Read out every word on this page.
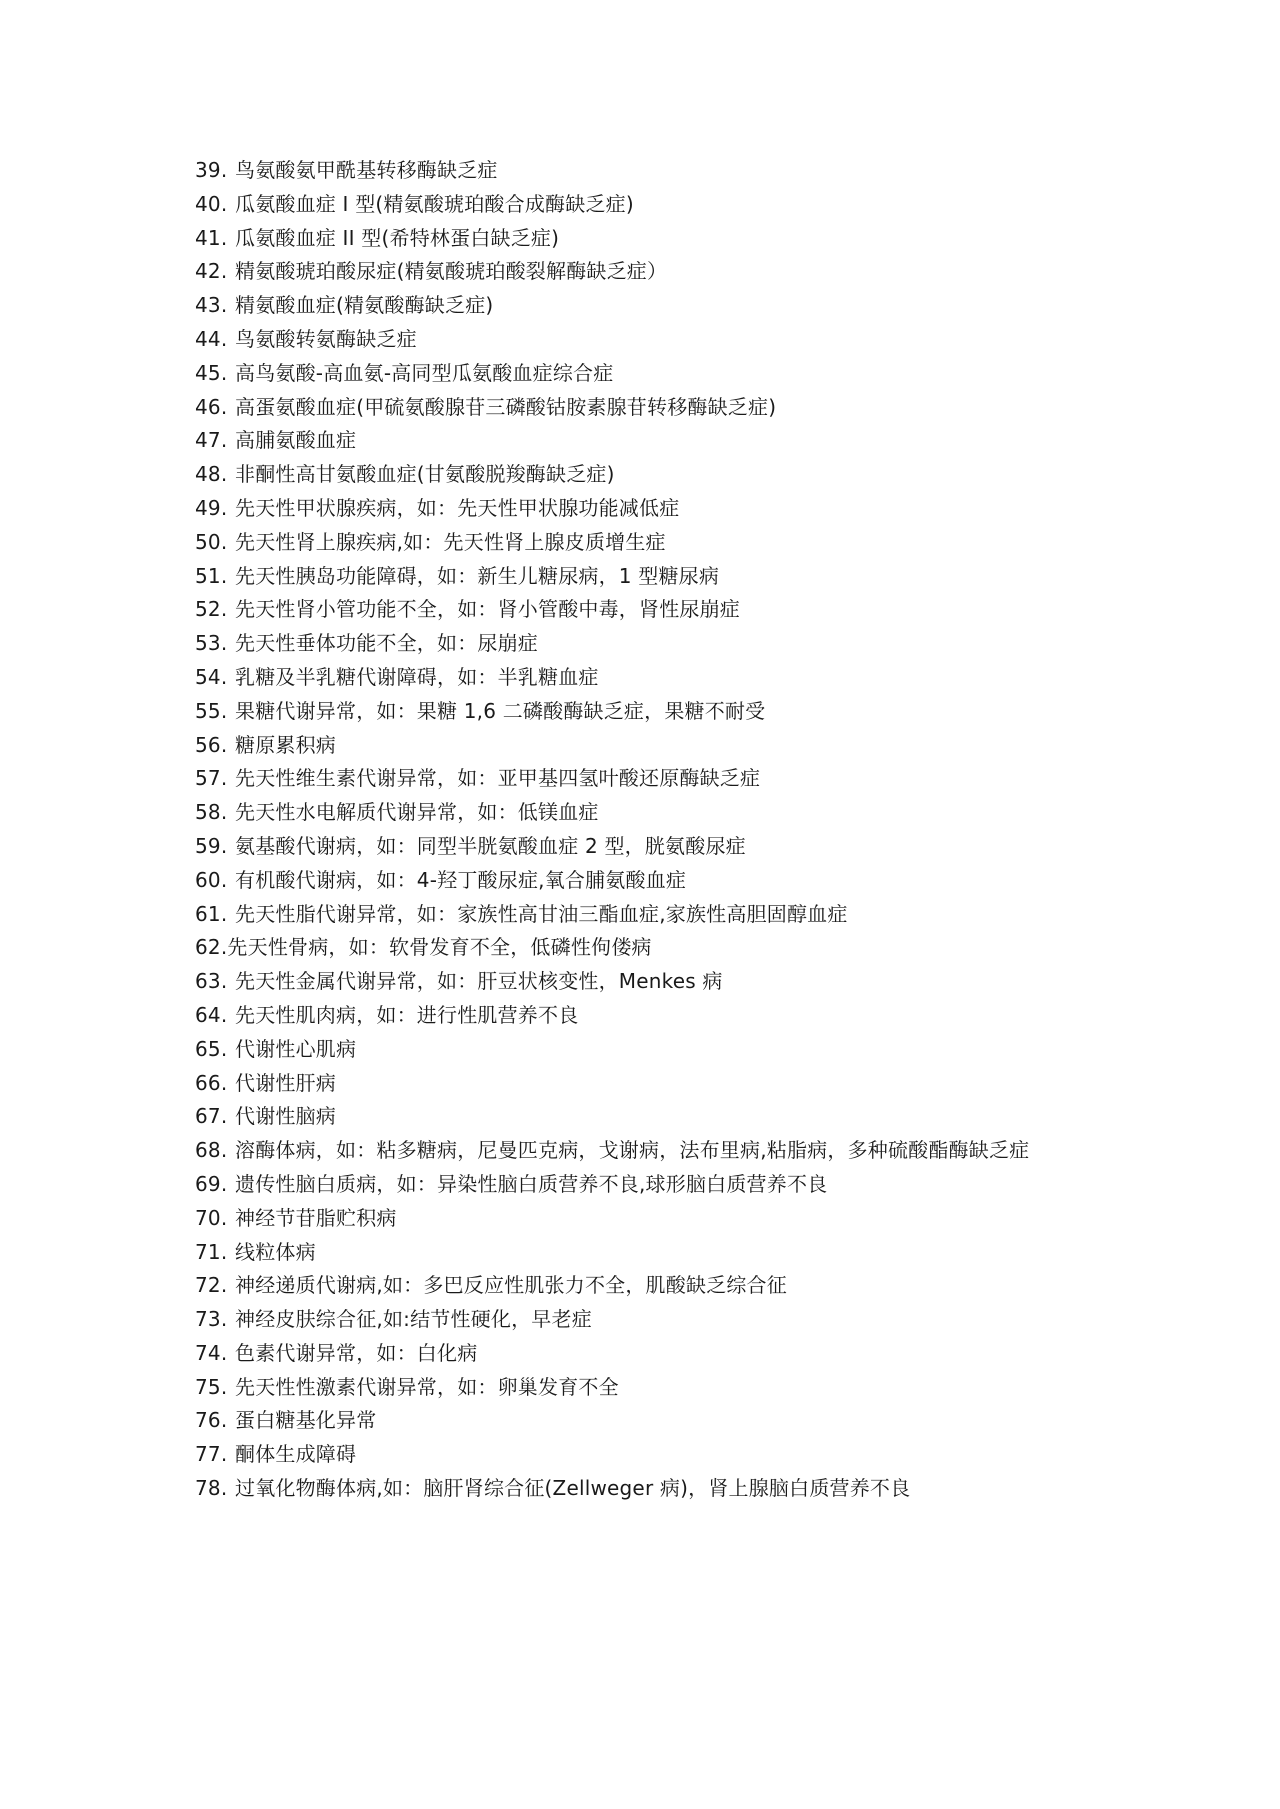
39. 鸟氨酸氨甲酰基转移酶缺乏症
40. 瓜氨酸血症 I 型(精氨酸琥珀酸合成酶缺乏症)
41. 瓜氨酸血症 II 型(希特林蛋白缺乏症)
42. 精氨酸琥珀酸尿症(精氨酸琥珀酸裂解酶缺乏症）
43. 精氨酸血症(精氨酸酶缺乏症)
44. 鸟氨酸转氨酶缺乏症
45. 高鸟氨酸-高血氨-高同型瓜氨酸血症综合症
46. 高蛋氨酸血症(甲硫氨酸腺苷三磷酸钴胺素腺苷转移酶缺乏症)
47. 高脯氨酸血症
48. 非酮性高甘氨酸血症(甘氨酸脱羧酶缺乏症)
49. 先天性甲状腺疾病，如：先天性甲状腺功能减低症
50. 先天性肾上腺疾病,如：先天性肾上腺皮质增生症
51. 先天性胰岛功能障碍，如：新生儿糖尿病，1 型糖尿病
52. 先天性肾小管功能不全，如：肾小管酸中毒，肾性尿崩症
53. 先天性垂体功能不全，如：尿崩症
54. 乳糖及半乳糖代谢障碍，如：半乳糖血症
55. 果糖代谢异常，如：果糖 1,6 二磷酸酶缺乏症，果糖不耐受
56. 糖原累积病
57. 先天性维生素代谢异常，如：亚甲基四氢叶酸还原酶缺乏症
58. 先天性水电解质代谢异常，如：低镁血症
59. 氨基酸代谢病，如：同型半胱氨酸血症 2 型，胱氨酸尿症
60. 有机酸代谢病，如：4-羟丁酸尿症,氧合脯氨酸血症
61. 先天性脂代谢异常，如：家族性高甘油三酯血症,家族性高胆固醇血症
62.先天性骨病，如：软骨发育不全，低磷性佝偻病
63. 先天性金属代谢异常，如：肝豆状核变性，Menkes 病
64. 先天性肌肉病，如：进行性肌营养不良
65. 代谢性心肌病
66. 代谢性肝病
67. 代谢性脑病
68. 溶酶体病，如：粘多糖病，尼曼匹克病，戈谢病，法布里病,粘脂病，多种硫酸酯酶缺乏症
69. 遗传性脑白质病，如：异染性脑白质营养不良,球形脑白质营养不良
70. 神经节苷脂贮积病
71. 线粒体病
72. 神经递质代谢病,如：多巴反应性肌张力不全，肌酸缺乏综合征
73. 神经皮肤综合征,如:结节性硬化，早老症
74. 色素代谢异常，如：白化病
75. 先天性性激素代谢异常，如：卵巢发育不全
76. 蛋白糖基化异常
77. 酮体生成障碍
78. 过氧化物酶体病,如：脑肝肾综合征(Zellweger 病)，肾上腺脑白质营养不良
